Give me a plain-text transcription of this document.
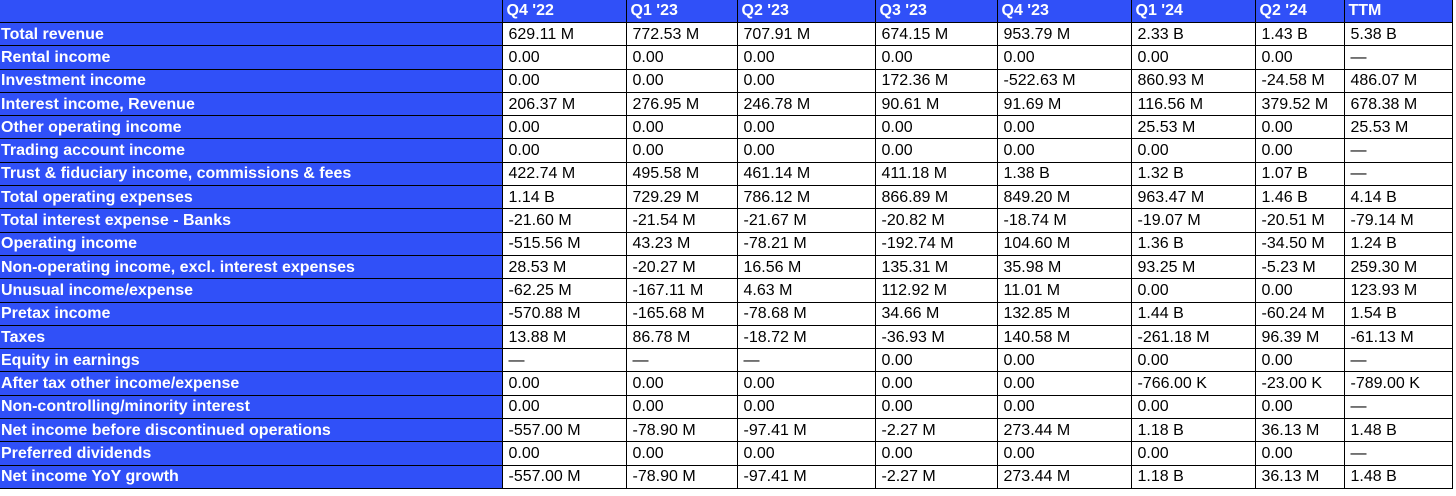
	Q4 '22	Q1 '23	Q2 '23	Q3 '23	Q4 '23	Q1 '24	Q2 '24	TTM
Total revenue	629.11 M	772.53 M	707.91 M	674.15 M	953.79 M	2.33 B	1.43 B	5.38 B
Rental income	0.00	0.00	0.00	0.00	0.00	0.00	0.00	—
Investment income	0.00	0.00	0.00	172.36 M	-522.63 M	860.93 M	-24.58 M	486.07 M
Interest income, Revenue	206.37 M	276.95 M	246.78 M	90.61 M	91.69 M	116.56 M	379.52 M	678.38 M
Other operating income	0.00	0.00	0.00	0.00	0.00	25.53 M	0.00	25.53 M
Trading account income	0.00	0.00	0.00	0.00	0.00	0.00	0.00	—
Trust & fiduciary income, commissions & fees	422.74 M	495.58 M	461.14 M	411.18 M	1.38 B	1.32 B	1.07 B	—
Total operating expenses	1.14 B	729.29 M	786.12 M	866.89 M	849.20 M	963.47 M	1.46 B	4.14 B
Total interest expense - Banks	-21.60 M	-21.54 M	-21.67 M	-20.82 M	-18.74 M	-19.07 M	-20.51 M	-79.14 M
Operating income	-515.56 M	43.23 M	-78.21 M	-192.74 M	104.60 M	1.36 B	-34.50 M	1.24 B
Non-operating income, excl. interest expenses	28.53 M	-20.27 M	16.56 M	135.31 M	35.98 M	93.25 M	-5.23 M	259.30 M
Unusual income/expense	-62.25 M	-167.11 M	4.63 M	112.92 M	11.01 M	0.00	0.00	123.93 M
Pretax income	-570.88 M	-165.68 M	-78.68 M	34.66 M	132.85 M	1.44 B	-60.24 M	1.54 B
Taxes	13.88 M	86.78 M	-18.72 M	-36.93 M	140.58 M	-261.18 M	96.39 M	-61.13 M
Equity in earnings	—	—	—	0.00	0.00	0.00	0.00	—
After tax other income/expense	0.00	0.00	0.00	0.00	0.00	-766.00 K	-23.00 K	-789.00 K
Non-controlling/minority interest	0.00	0.00	0.00	0.00	0.00	0.00	0.00	—
Net income before discontinued operations	-557.00 M	-78.90 M	-97.41 M	-2.27 M	273.44 M	1.18 B	36.13 M	1.48 B
Preferred dividends	0.00	0.00	0.00	0.00	0.00	0.00	0.00	—
Net income YoY growth	-557.00 M	-78.90 M	-97.41 M	-2.27 M	273.44 M	1.18 B	36.13 M	1.48 B
